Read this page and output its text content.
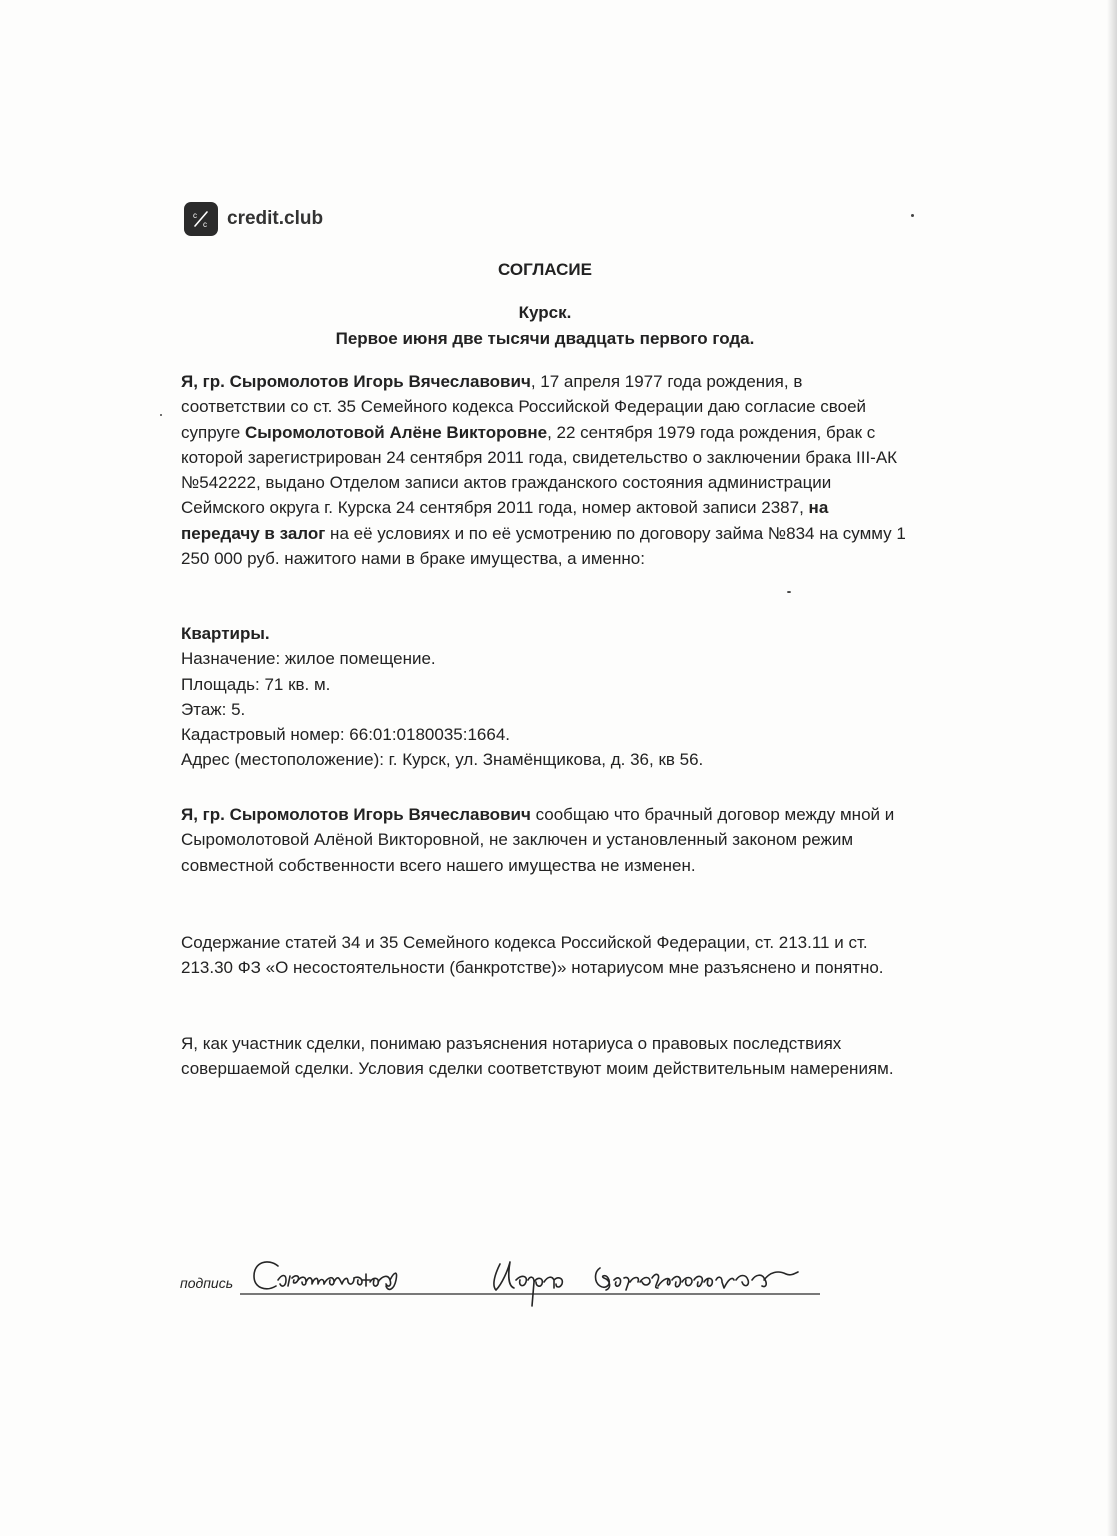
c
c credit.club
СОГЛАСИЕ
Курск.
Первое июня две тысячи двадцать первого года.

Я, гр. Сыромолотов Игорь Вячеславович, 17 апреля 1977 года рождения, в соответствии со ст. 35 Семейного кодекса Российской Федерации даю согласие своей супруге Сыромолотовой Алёне Викторовне, 22 сентября 1979 года рождения, брак с которой зарегистрирован 24 сентября 2011 года, свидетельство о заключении брака III-АК №542222, выдано Отделом записи актов гражданского состояния администрации Сеймского округа г. Курска 24 сентября 2011 года, номер актовой записи 2387, на передачу в залог на её условиях и по её усмотрению по договору займа №834 на сумму 1 250 000 руб. нажитого нами в браке имущества, а именно:

Квартиры.

Назначение: жилое помещение.

Площадь: 71 кв. м.

Этаж: 5.

Кадастровый номер: 66:01:0180035:1664.

Адрес (местоположение): г. Курск, ул. Знамёнщикова, д. 36, кв 56.

Я, гр. Сыромолотов Игорь Вячеславович сообщаю что брачный договор между мной и Сыромолотовой Алёной Викторовной, не заключен и установленный законом режим совместной собственности всего нашего имущества не изменен.

Содержание статей 34 и 35 Семейного кодекса Российской Федерации, ст. 213.11 и ст. 213.30 ФЗ «О несостоятельности (банкротстве)» нотариусом мне разъяснено и понятно.

Я, как участник сделки, понимаю разъяснения нотариуса о правовых последствиях совершаемой сделки. Условия сделки соответствуют моим действительным намерениям.

подпись
